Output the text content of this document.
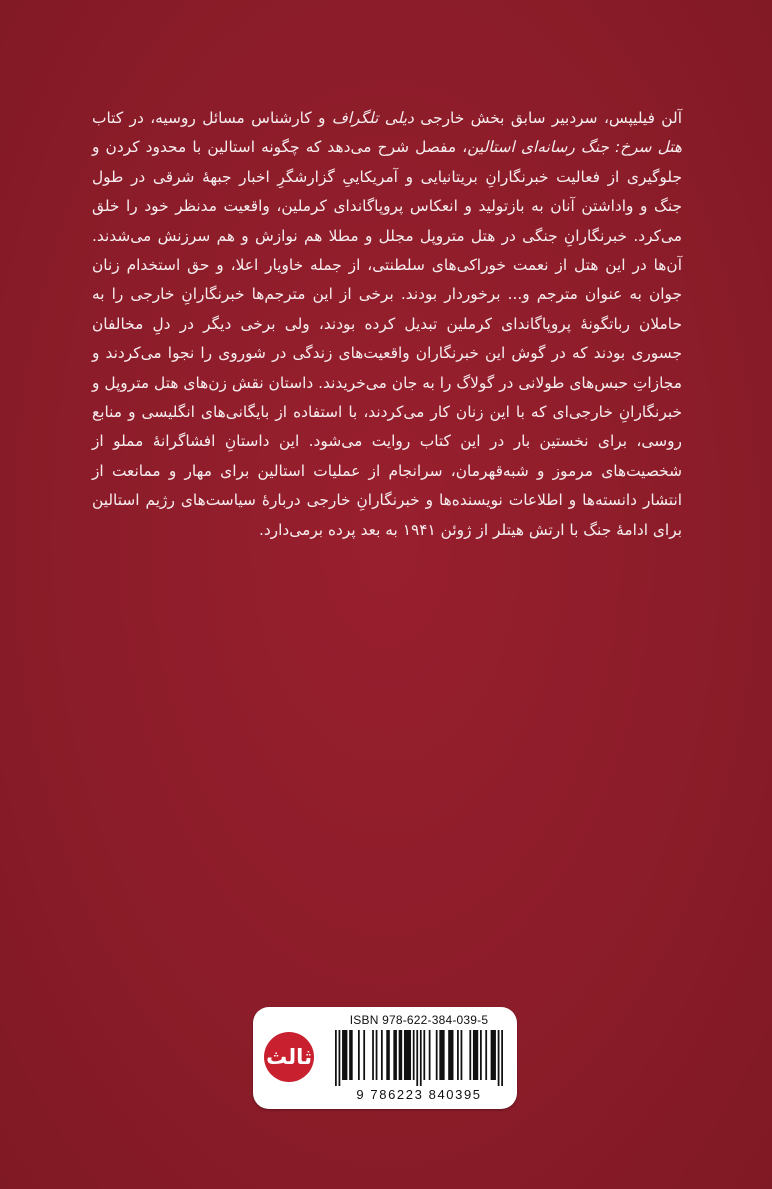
آلن فیلیپس، سردبیر سابق بخش خارجی دیلی تلگراف و کارشناس مسائل روسیه، در کتاب هتل سرخ: جنگ رسانه‌ای استالین، مفصل شرح می‌دهد که چگونه استالین با محدود کردن و جلوگیری از فعالیت خبرنگارانِ بریتانیایی و آمریکاییِ گزارشگرِ اخبار جبههٔ شرقی در طول جنگ و واداشتن آنان به بازتولید و انعکاس پروپاگاندای کرملین، واقعیت مدنظر خود را خلق می‌کرد. خبرنگارانِ جنگی در هتل متروپل مجلل و مطلا هم نوازش و هم سرزنش می‌شدند. آن‌ها در این هتل از نعمت خوراکی‌های سلطنتی، از جمله خاویار اعلا، و حق استخدام زنان جوان به عنوان مترجم و... برخوردار بودند. برخی از این مترجم‌ها خبرنگارانِ خارجی را به حاملان رباتگونهٔ پروپاگاندای کرملین تبدیل کرده بودند، ولی برخی دیگر در دلِ مخالفان جسوری بودند که در گوش این خبرنگاران واقعیت‌های زندگی در شوروی را نجوا می‌کردند و مجازاتِ حبس‌های طولانی در گولاگ را به جان می‌خریدند. داستان نقش زن‌های هتل متروپل و خبرنگارانِ خارجی‌ای که با این زنان کار می‌کردند، با استفاده از بایگانی‌های انگلیسی و منابع روسی، برای نخستین بار در این کتاب روایت می‌شود. این داستانِ افشاگرانهٔ مملو از شخصیت‌های مرموز و شبه‌قهرمان، سرانجام از عملیات استالین برای مهار و ممانعت از انتشار دانسته‌ها و اطلاعات نویسنده‌ها و خبرنگارانِ خارجی دربارهٔ سیاست‌های رژیم استالین برای ادامهٔ جنگ با ارتش هیتلر از ژوئن ۱۹۴۱ به بعد پرده برمی‌دارد.

ثالث
ISBN 978-622-384-039-5
9 786223 840395
